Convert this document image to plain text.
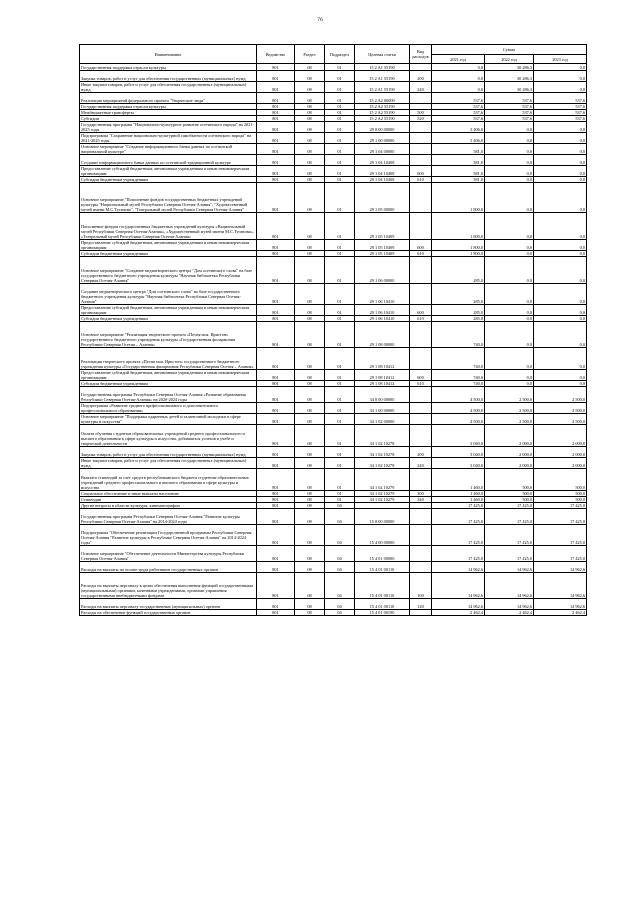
76
Наименование	Ведомство	Раздел	Подраздел	Целевая статья	Вид расходов	Сумма		
						2021 год	2022 год	2023 год
Государственная поддержка отрасли культуры	801	08	01	15 2 A1 55190		0,0	30 286,3	0,0
Закупка товаров, работ и услуг для обеспечения государственных (муниципальных) нужд	801	08	01	15 2 A1 55190	200	0,0	30 286,3	0,0
Иные закупки товаров, работ и услуг для обеспечения государственных (муниципальных) нужд	801	08	01	15 2 A1 55190	240	0,0	30 286,3	0,0
Реализация мероприятий федерального проекта "Творческие люди"	801	08	01	15 2 A2 00000		537,6	537,6	537,6
Государственная поддержка отрасли культуры	801	08	01	15 2 A2 55190		537,6	537,6	537,6
Межбюджетные трансферты	801	08	01	15 2 A2 55190	500	537,6	537,6	537,6
Субсидии	801	08	01	15 2 A2 55190	520	537,6	537,6	537,6
Государственная программа "Национально-культурное развитие осетинского народа" на 2021-2025 годы	801	08	01	29 0 00 00000		5 406,0	0,0	0,0
Подпрограмма "Сохранение национально-культурной самобытности осетинского народа" на 2021-2025 годы	801	08	01	29 1 00 00000		5 406,0	0,0	0,0
Основное мероприятие "Создание информационного банка данных по осетинской национальной культуре"	801	08	01	29 1 04 00000		581,0	0,0	0,0
Создание информационного банка данных по осетинской традиционной культуре	801	08	01	29 1 04 10408		581,0	0,0	0,0
Предоставление субсидий бюджетным, автономным учреждениям и иным некоммерческим организациям	801	08	01	29 1 04 10408	600	581,0	0,0	0,0
Субсидии бюджетным учреждениям	801	08	01	29 1 04 10408	610	581,0	0,0	0,0
Основное мероприятие "Пополнение фондов государственных бюджетных учреждений культуры "Национальный музей Республики Северная Осетия-Алания", "Художественный музей имени М.С.Туганова", "Театральный музей Республики Северная Осетия-Алания"	801	08	01	29 1 05 00000		1 800,0	0,0	0,0
Пополнение фондов государственных бюджетных учреждений культуры «Национальный музей Республики Северная Осетия-Алания», «Художественный музей имени М.С.Туганова», «Театральный музей Республики Северная Осетия-Алания»	801	08	01	29 1 05 10409		1 800,0	0,0	0,0
Предоставление субсидий бюджетным, автономным учреждениям и иным некоммерческим организациям	801	08	01	29 1 05 10409	600	1 800,0	0,0	0,0
Субсидии бюджетным учреждениям	801	08	01	29 1 05 10409	610	1 800,0	0,0	0,0
Основное мероприятие "Создание медиатворческого центра "Дом осетинского слова" на базе государственного бюджетного учреждения культуры "Научная библиотека Республики Северная Осетия-Алания"	801	08	01	29 1 06 00000		285,0	0,0	0,0
Создание медиатворческого центра "Дом осетинского слова" на базе государственного бюджетного учреждения культуры "Научная библиотека Республики Северная Осетия-Алания"	801	08	01	29 1 06 10410		285,0	0,0	0,0
Предоставление субсидий бюджетным, автономным учреждениям и иным некоммерческим организациям	801	08	01	29 1 06 10410	600	285,0	0,0	0,0
Субсидии бюджетным учреждениям	801	08	01	29 1 06 10410	610	285,0	0,0	0,0
Основное мероприятие "Реализация творческого проекта «Песня моя. Иристон» государственного бюджетного учреждения культуры «Государственная филармония Республики Северная Осетия – Алания»	801	08	01	29 1 08 00000		740,0	0,0	0,0
Реализация творческого проекта «Песня моя. Иристон» государственного бюджетного учреждения культуры «Государственная филармония Республики Северная Осетия – Алания»	801	08	01	29 1 08 10412		740,0	0,0	0,0
Предоставление субсидий бюджетным, автономным учреждениям и иным некоммерческим организациям	801	08	01	29 1 08 10412	600	740,0	0,0	0,0
Субсидии бюджетным учреждениям	801	08	01	29 1 08 10412	610	740,0	0,0	0,0
Государственная программа Республики Северная Осетия-Алания «Развитие образования Республики Северная Осетия-Алания» на 2020-2024 годы	801	08	01	34 0 00 00000		4 500,0	2 500,0	2 500,0
Подпрограмма «Развитие среднего профессионального и дополнительного профессионального образования»	801	08	01	34 1 00 00000		4 500,0	2 500,0	2 500,0
Основное мероприятие "Поддержка одаренных детей и талантливой молодежи в сфере культуры и искусства"	801	08	01	34 1 02 00000		4 500,0	2 500,0	2 500,0
Оплата обучения студентов образовательных учреждений среднего профессионального и высшего образования в сфере культуры и искусства, добившихся успехов в учебе и творческой деятельности	801	08	01	34 1 02 10278		3 040,0	2 000,0	2 000,0
Закупка товаров, работ и услуг для обеспечения государственных (муниципальных) нужд	801	08	01	34 1 02 10278	200	3 040,0	2 000,0	2 000,0
Иные закупки товаров, работ и услуг для обеспечения государственных (муниципальных) нужд	801	08	01	34 1 02 10278	240	3 040,0	2 000,0	2 000,0
Выплата стипендий за счет средств республиканского бюджета студентам образовательных учреждений среднего профессионального и высшего образования в сфере культуры и искусства	801	08	01	34 1 02 10279		1 460,0	500,0	500,0
Социальное обеспечение и иные выплаты населению	801	08	01	34 1 02 10279	300	1 460,0	500,0	500,0
Стипендии	801	08	01	34 1 02 10279	340	1 460,0	500,0	500,0
Другие вопросы в области культуры, кинематографии	801	08	04			17 425,0	17 425,0	17 425,0
Государственная программа Республики Северная Осетия-Алания "Развитие культуры Республики Северная Осетия-Алания" на 2014-2024 годы	801	08	04	15 0 00 00000		17 425,0	17 425,0	17 425,0
Подпрограмма "Обеспечение реализации Государственной программы Республики Северная Осетия-Алания "Развитие культуры в Республике Северная Осетия-Алания" на 2014-2024 годы"	801	08	04	15 4 00 00000		17 425,0	17 425,0	17 425,0
Основное мероприятие "Обеспечение деятельности Министерства культуры Республики Северная Осетия-Алания"	801	08	04	15 4 01 00000		17 425,0	17 425,0	17 425,0
Расходы на выплаты по оплате труда работников государственных органов	801	08	04	15 4 01 00110		14 962,6	14 962,6	14 962,6
Расходы на выплаты персоналу в целях обеспечения выполнения функций государственными (муниципальными) органами, казенными учреждениями, органами управления государственными внебюджетными фондами	801	08	04	15 4 01 00110	100	14 962,6	14 962,6	14 962,6
Расходы на выплаты персоналу государственных (муниципальных) органов	801	08	04	15 4 01 00110	120	14 962,6	14 962,6	14 962,6
Расходы на обеспечение функций государственных органов	801	08	04	15 4 01 00190		2 462,4	2 462,4	2 462,4
